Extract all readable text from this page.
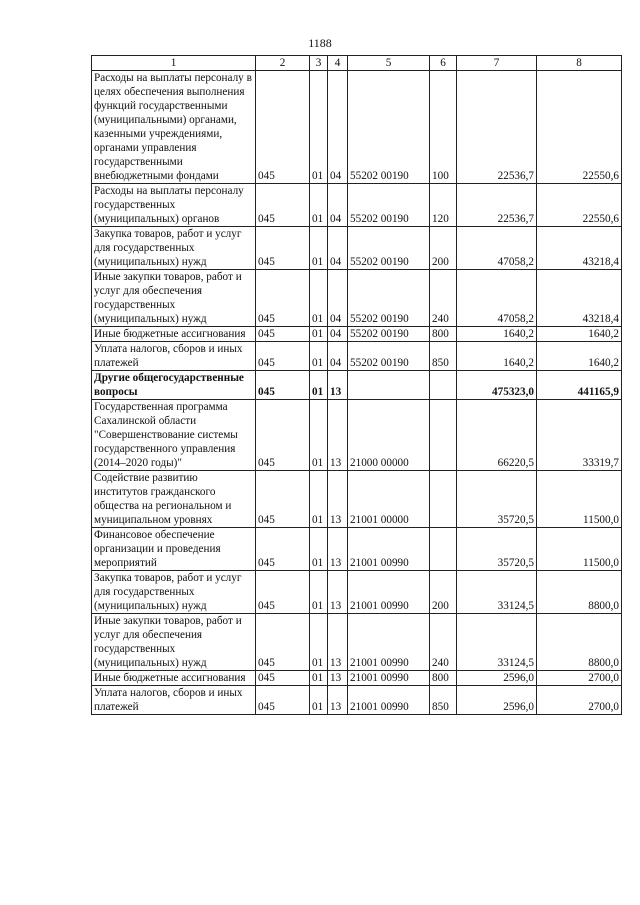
1188
1	2	3	4	5	6	7	8
Расходы на выплаты персоналу в целях обеспечения выполнения функций государственными (муниципальными) органами, казенными учреждениями, органами управления государственными внебюджетными фондами	045	01	04	55202 00190	100	22536,7	22550,6
Расходы на выплаты персоналу государственных (муниципальных) органов	045	01	04	55202 00190	120	22536,7	22550,6
Закупка товаров, работ и услуг для государственных (муниципальных) нужд	045	01	04	55202 00190	200	47058,2	43218,4
Иные закупки товаров, работ и услуг для обеспечения государственных (муниципальных) нужд	045	01	04	55202 00190	240	47058,2	43218,4
Иные бюджетные ассигнования	045	01	04	55202 00190	800	1640,2	1640,2
Уплата налогов, сборов и иных платежей	045	01	04	55202 00190	850	1640,2	1640,2
Другие общегосударственные вопросы	045	01	13			475323,0	441165,9
Государственная программа Сахалинской области "Совершенствование системы государственного управления (2014–2020 годы)"	045	01	13	21000 00000		66220,5	33319,7
Содействие развитию институтов гражданского общества на региональном и муниципальном уровнях	045	01	13	21001 00000		35720,5	11500,0
Финансовое обеспечение организации и проведения мероприятий	045	01	13	21001 00990		35720,5	11500,0
Закупка товаров, работ и услуг для государственных (муниципальных) нужд	045	01	13	21001 00990	200	33124,5	8800,0
Иные закупки товаров, работ и услуг для обеспечения государственных (муниципальных) нужд	045	01	13	21001 00990	240	33124,5	8800,0
Иные бюджетные ассигнования	045	01	13	21001 00990	800	2596,0	2700,0
Уплата налогов, сборов и иных платежей	045	01	13	21001 00990	850	2596,0	2700,0
